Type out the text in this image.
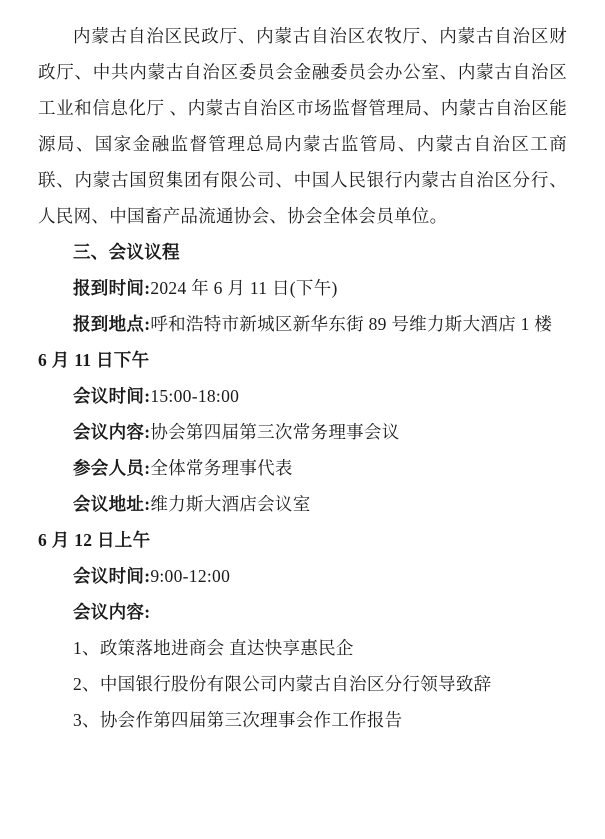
内蒙古自治区民政厅、内蒙古自治区农牧厅、内蒙古自治区财政厅、中共内蒙古自治区委员会金融委员会办公室、内蒙古自治区工业和信息化厅 、内蒙古自治区市场监督管理局、内蒙古自治区能源局、国家金融监督管理总局内蒙古监管局、内蒙古自治区工商联、内蒙古国贸集团有限公司、中国人民银行内蒙古自治区分行、人民网、中国畜产品流通协会、协会全体会员单位。

三、会议议程

报到时间:2024 年 6 月 11 日(下午)

报到地点:呼和浩特市新城区新华东街 89 号维力斯大酒店 1 楼

6 月 11 日下午

会议时间:15:00-18:00

会议内容:协会第四届第三次常务理事会议

参会人员:全体常务理事代表

会议地址:维力斯大酒店会议室

6 月 12 日上午

会议时间:9:00-12:00

会议内容:

1、政策落地进商会 直达快享惠民企

2、中国银行股份有限公司内蒙古自治区分行领导致辞

3、协会作第四届第三次理事会作工作报告
